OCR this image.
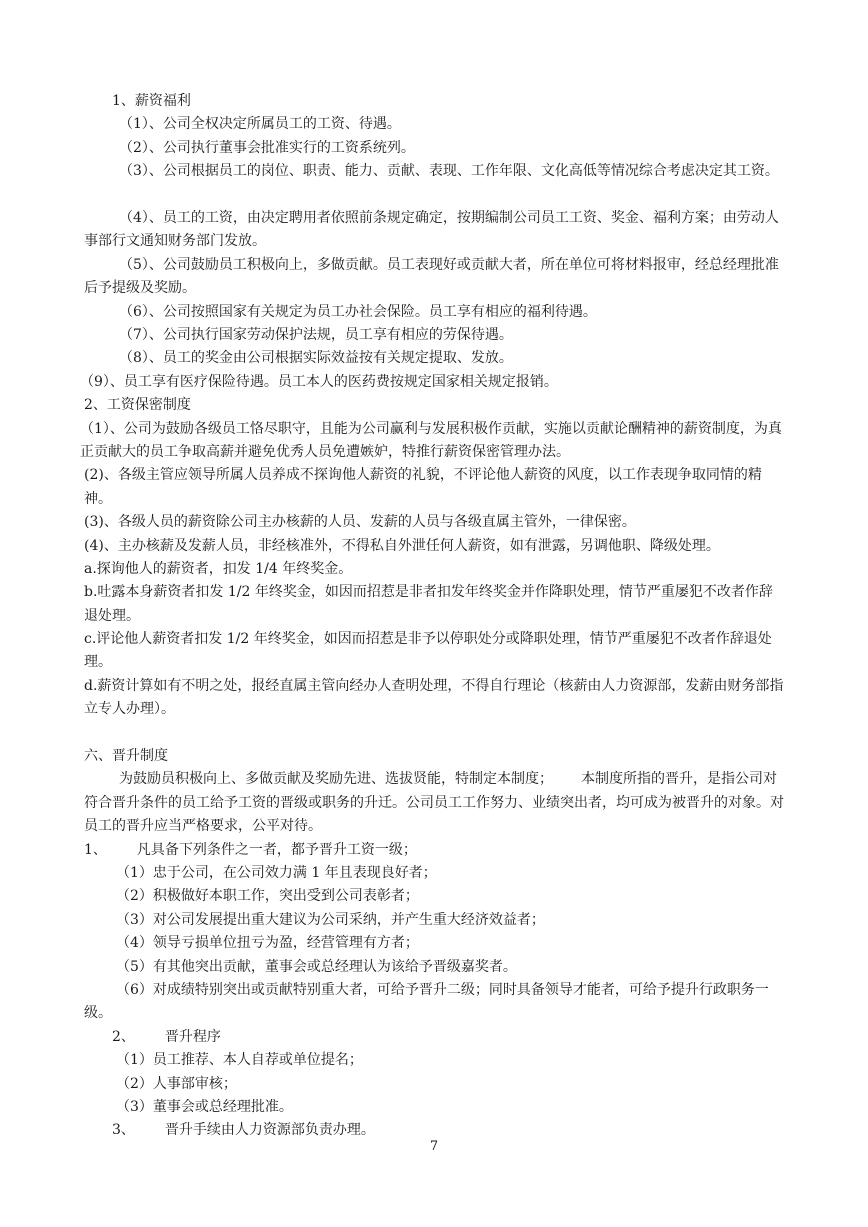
1、薪资福利
（1）、公司全权决定所属员工的工资、待遇。
（2）、公司执行董事会批准实行的工资系统列。
（3）、公司根据员工的岗位、职责、能力、贡献、表现、工作年限、文化高低等情况综合考虑决定其工资。
（4）、员工的工资，由决定聘用者依照前条规定确定，按期编制公司员工工资、奖金、福利方案；由劳动人事部行文通知财务部门发放。
（5）、公司鼓励员工积极向上，多做贡献。员工表现好或贡献大者，所在单位可将材料报审，经总经理批准后予提级及奖励。
（6）、公司按照国家有关规定为员工办社会保险。员工享有相应的福利待遇。
（7）、公司执行国家劳动保护法规，员工享有相应的劳保待遇。
（8）、员工的奖金由公司根据实际效益按有关规定提取、发放。
（9）、员工享有医疗保险待遇。员工本人的医药费按规定国家相关规定报销。
2、工资保密制度
（1）、公司为鼓励各级员工恪尽职守，且能为公司赢利与发展积极作贡献，实施以贡献论酬精神的薪资制度，为真正贡献大的员工争取高薪并避免优秀人员免遭嫉妒，特推行薪资保密管理办法。
(2)、各级主管应领导所属人员养成不探询他人薪资的礼貌，不评论他人薪资的风度，以工作表现争取同情的精神。
(3)、各级人员的薪资除公司主办核薪的人员、发薪的人员与各级直属主管外，一律保密。
(4)、主办核薪及发薪人员，非经核准外，不得私自外泄任何人薪资，如有泄露，另调他职、降级处理。
a.探询他人的薪资者，扣发 1/4 年终奖金。
b.吐露本身薪资者扣发 1/2 年终奖金，如因而招惹是非者扣发年终奖金并作降职处理，情节严重屡犯不改者作辞退处理。
c.评论他人薪资者扣发 1/2 年终奖金，如因而招惹是非予以停职处分或降职处理，情节严重屡犯不改者作辞退处理。
d.薪资计算如有不明之处，报经直属主管向经办人查明处理，不得自行理论（核薪由人力资源部，发薪由财务部指立专人办理）。
六、晋升制度
为鼓励员积极向上、多做贡献及奖励先进、选拔贤能，特制定本制度； 本制度所指的晋升，是指公司对符合晋升条件的员工给予工资的晋级或职务的升迁。公司员工工作努力、业绩突出者，均可成为被晋升的对象。对员工的晋升应当严格要求，公平对待。
1、 凡具备下列条件之一者，都予晋升工资一级；
（1）忠于公司，在公司效力满 1 年且表现良好者；
（2）积极做好本职工作，突出受到公司表彰者；
（3）对公司发展提出重大建议为公司采纳，并产生重大经济效益者；
（4）领导亏损单位扭亏为盈，经营管理有方者；
（5）有其他突出贡献，董事会或总经理认为该给予晋级嘉奖者。
（6）对成绩特别突出或贡献特别重大者，可给予晋升二级；同时具备领导才能者，可给予提升行政职务一级。
2、 晋升程序
（1）员工推荐、本人自荐或单位提名；
（2）人事部审核；
（3）董事会或总经理批准。
3、 晋升手续由人力资源部负责办理。
7
